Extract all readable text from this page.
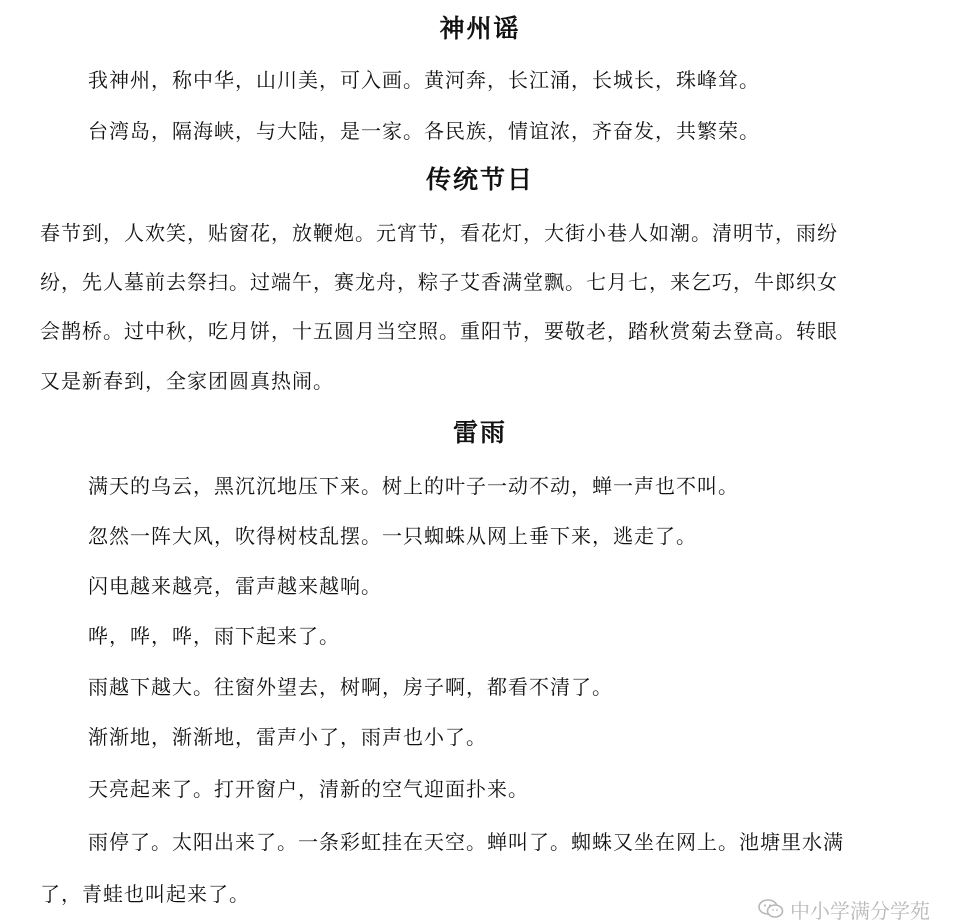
神州谣

我神州，称中华，山川美，可入画。黄河奔，长江涌，长城长，珠峰耸。

台湾岛，隔海峡，与大陆，是一家。各民族，情谊浓，齐奋发，共繁荣。

传统节日

春节到，人欢笑，贴窗花，放鞭炮。元宵节，看花灯，大街小巷人如潮。清明节，雨纷

纷，先人墓前去祭扫。过端午，赛龙舟，粽子艾香满堂飘。七月七，来乞巧，牛郎织女

会鹊桥。过中秋，吃月饼，十五圆月当空照。重阳节，要敬老，踏秋赏菊去登高。转眼

又是新春到，全家团圆真热闹。

雷雨

满天的乌云，黑沉沉地压下来。树上的叶子一动不动，蝉一声也不叫。

忽然一阵大风，吹得树枝乱摆。一只蜘蛛从网上垂下来，逃走了。

闪电越来越亮，雷声越来越响。

哗，哗，哗，雨下起来了。

雨越下越大。往窗外望去，树啊，房子啊，都看不清了。

渐渐地，渐渐地，雷声小了，雨声也小了。

天亮起来了。打开窗户，清新的空气迎面扑来。

雨停了。太阳出来了。一条彩虹挂在天空。蝉叫了。蜘蛛又坐在网上。池塘里水满

了，青蛙也叫起来了。

中小学满分学苑
